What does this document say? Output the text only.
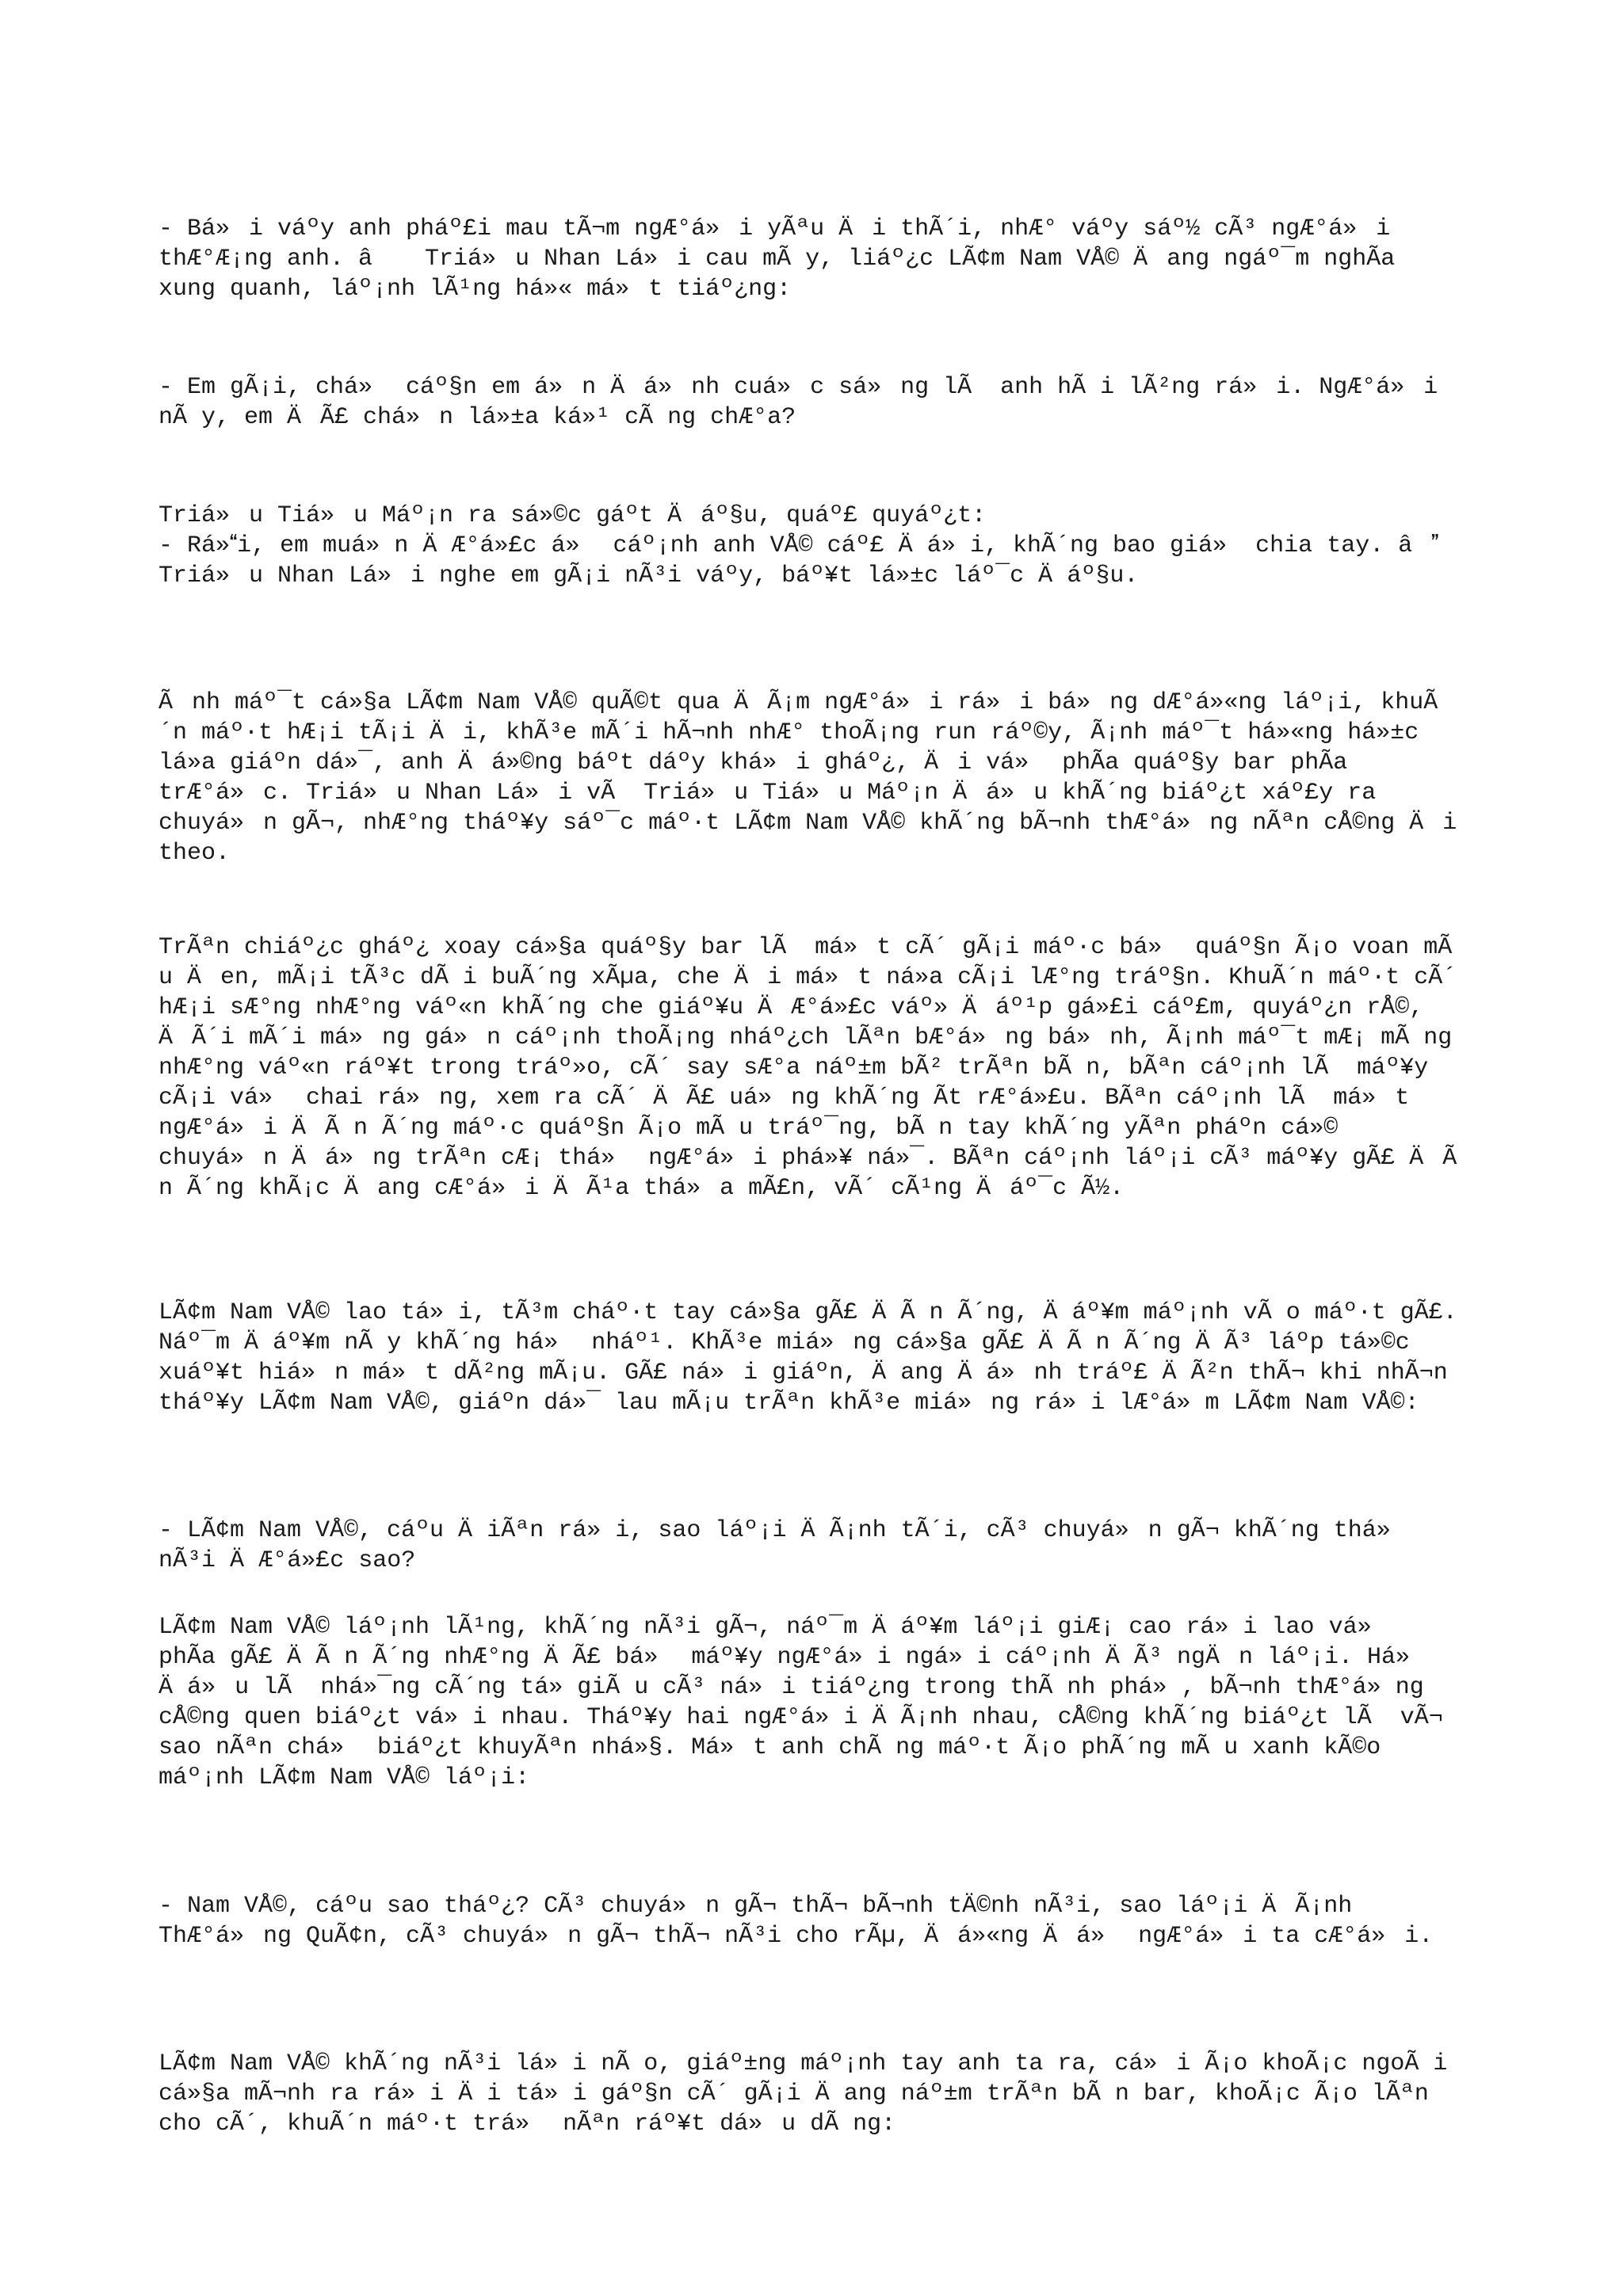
- Bá»i váºy anh pháº£i mau tÃ¬m ngÆ°á»i yÃªu Äi thÃ´i, nhÆ° váºy sáº½ cÃ³ ngÆ°á»i thÆ°Æ¡ng anh. â Triá»u Nhan Lá»i cau mÃ y, liáº¿c LÃ¢m Nam VÅ© Äang ngáº¯m nghÃa xung quanh, láº¡nh lÃ¹ng há»« má»t tiáº¿ng:

- Em gÃ¡i, chá» cáº§n em á»n Äá»nh cuá»c sá»ng lÃ  anh hÃ i lÃ²ng rá»i. NgÆ°á»i nÃ y, em ÄÃ£ chá»n lá»±a ká»¹ cÃ ng chÆ°a?

Triá»u Tiá»u Máº¡n ra sá»©c gáºt Äáº§u, quáº£ quyáº¿t:
- Rá»i, em muá»n ÄÆ°á»£c á» cáº¡nh anh VÅ© cáº£ Äá»i, khÃ´ng bao giá» chia tay. â Triá»u Nhan Lá»i nghe em gÃ¡i nÃ³i váºy, báº¥t lá»±c láº¯c Äáº§u.

Ãnh máº¯t cá»§a LÃ¢m Nam VÅ© quÃ©t qua ÄÃ¡m ngÆ°á»i rá»i bá»ng dÆ°á»«ng láº¡i, khuÃ´n máº·t hÆ¡i tÃ¡i Äi, khÃ³e mÃ´i hÃ¬nh nhÆ° thoÃ¡ng run ráº©y, Ã¡nh máº¯t há»«ng há»±c lá»a giáºn dá»¯, anh Äá»©ng báºt dáºy khá»i gháº¿, Äi vá» phÃa quáº§y bar phÃa trÆ°á»c. Triá»u Nhan Lá»i vÃ  Triá»u Tiá»u Máº¡n Äá»u khÃ´ng biáº¿t xáº£y ra chuyá»n gÃ¬, nhÆ°ng tháº¥y sáº¯c máº·t LÃ¢m Nam VÅ© khÃ´ng bÃ¬nh thÆ°á»ng nÃªn cÅ©ng Äi theo.

TrÃªn chiáº¿c gháº¿ xoay cá»§a quáº§y bar lÃ  má»t cÃ´ gÃ¡i máº·c bá» quáº§n Ã¡o voan mÃ u Äen, mÃ¡i tÃ³c dÃ i buÃ´ng xÃµa, che Äi má»t ná»a cÃ¡i lÆ°ng tráº§n. KhuÃ´n máº·t cÃ´ hÆ¡i sÆ°ng nhÆ°ng váº«n khÃ´ng che giáº¥u ÄÆ°á»£c váº» Äáº¹p gá»£i cáº£m, quyáº¿n rÅ©, ÄÃ´i mÃ´i má»ng gá»n cáº¡nh thoÃ¡ng nháº¿ch lÃªn bÆ°á»ng bá»nh, Ã¡nh máº¯t mÆ¡ mÃ ng nhÆ°ng váº«n ráº¥t trong tráº»o, cÃ´ say sÆ°a náº±m bÃ² trÃªn bÃ n, bÃªn cáº¡nh lÃ  máº¥y cÃ¡i vá» chai rá»ng, xem ra cÃ´ ÄÃ£ uá»ng khÃ´ng Ãt rÆ°á»£u. BÃªn cáº¡nh lÃ  má»t ngÆ°á»i ÄÃ n Ã´ng máº·c quáº§n Ã¡o mÃ u tráº¯ng, bÃ n tay khÃ´ng yÃªn pháºn cá»© chuyá»n Äá»ng trÃªn cÆ¡ thá» ngÆ°á»i phá»¥ ná»¯. BÃªn cáº¡nh láº¡i cÃ³ máº¥y gÃ£ ÄÃ n Ã´ng khÃ¡c Äang cÆ°á»i ÄÃ¹a thá»a mÃ£n, vÃ´ cÃ¹ng Äáº¯c Ã½.

LÃ¢m Nam VÅ© lao tá»i, tÃ³m cháº·t tay cá»§a gÃ£ ÄÃ n Ã´ng, Äáº¥m máº¡nh vÃ o máº·t gÃ£. Náº¯m Äáº¥m nÃ y khÃ´ng há» nháº¹. KhÃ³e miá»ng cá»§a gÃ£ ÄÃ n Ã´ng ÄÃ³ láºp tá»©c xuáº¥t hiá»n má»t dÃ²ng mÃ¡u. GÃ£ ná»i giáºn, Äang Äá»nh tráº£ ÄÃ²n thÃ¬ khi nhÃ¬n tháº¥y LÃ¢m Nam VÅ©, giáºn dá»¯ lau mÃ¡u trÃªn khÃ³e miá»ng rá»i lÆ°á»m LÃ¢m Nam VÅ©:

- LÃ¢m Nam VÅ©, cáºu ÄiÃªn rá»i, sao láº¡i ÄÃ¡nh tÃ´i, cÃ³ chuyá»n gÃ¬ khÃ´ng thá» nÃ³i ÄÆ°á»£c sao?

LÃ¢m Nam VÅ© láº¡nh lÃ¹ng, khÃ´ng nÃ³i gÃ¬, náº¯m Äáº¥m láº¡i giÆ¡ cao rá»i lao vá» phÃa gÃ£ ÄÃ n Ã´ng nhÆ°ng ÄÃ£ bá» máº¥y ngÆ°á»i ngá»i cáº¡nh ÄÃ³ ngÄn láº¡i. Há» Äá»u lÃ  nhá»¯ng cÃ´ng tá» giÃ u cÃ³ ná»i tiáº¿ng trong thÃ nh phá», bÃ¬nh thÆ°á»ng cÅ©ng quen biáº¿t vá»i nhau. Tháº¥y hai ngÆ°á»i ÄÃ¡nh nhau, cÅ©ng khÃ´ng biáº¿t lÃ  vÃ¬ sao nÃªn chá» biáº¿t khuyÃªn nhá»§. Má»t anh chÃ ng máº·t Ã¡o phÃ´ng mÃ u xanh kÃ©o máº¡nh LÃ¢m Nam VÅ© láº¡i:

- Nam VÅ©, cáºu sao tháº¿? CÃ³ chuyá»n gÃ¬ thÃ¬ bÃ¬nh tÄ©nh nÃ³i, sao láº¡i ÄÃ¡nh ThÆ°á»ng QuÃ¢n, cÃ³ chuyá»n gÃ¬ thÃ¬ nÃ³i cho rÃµ, Äá»«ng Äá» ngÆ°á»i ta cÆ°á»i.

LÃ¢m Nam VÅ© khÃ´ng nÃ³i lá»i nÃ o, giáº±ng máº¡nh tay anh ta ra, cá»i Ã¡o khoÃ¡c ngoÃ i cá»§a mÃ¬nh ra rá»i Äi tá»i gáº§n cÃ´ gÃ¡i Äang náº±m trÃªn bÃ n bar, khoÃ¡c Ã¡o lÃªn cho cÃ´, khuÃ´n máº·t trá» nÃªn ráº¥t dá»u dÃ ng:
